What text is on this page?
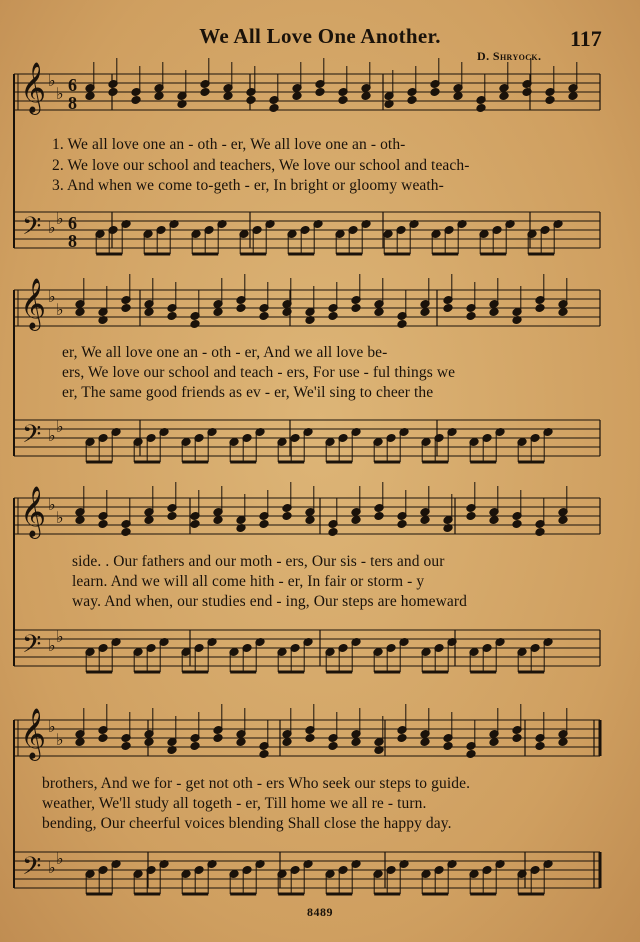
𝄞
𝄢
♭
♭
♭ ♭
6
8
6
8
𝄞
𝄢
♭
♭
♭ ♭
𝄞
𝄢
♭
♭
♭ ♭
𝄞
𝄢
♭
♭
♭ ♭
We All Love One Another.	117
D. Shryock.
1. We all love one an - oth - er, We all love one an - oth-
2. We love our school and teachers, We love our school and teach-
3. And when we come to-geth - er, In bright or gloomy weath-
er, We all love one an - oth - er, And we all love be-
ers, We love our school and teach - ers, For use - ful things we
er, The same good friends as ev - er, We'il sing to cheer the
side. . Our fathers and our moth - ers, Our sis - ters and our
learn. And we will all come hith - er, In fair or storm - y
way. And when, our studies end - ing, Our steps are homeward
brothers, And we for - get not oth - ers Who seek our steps to guide.
weather, We'll study all togeth - er, Till home we all re - turn.
bending, Our cheerful voices blending Shall close the happy day.
8489
